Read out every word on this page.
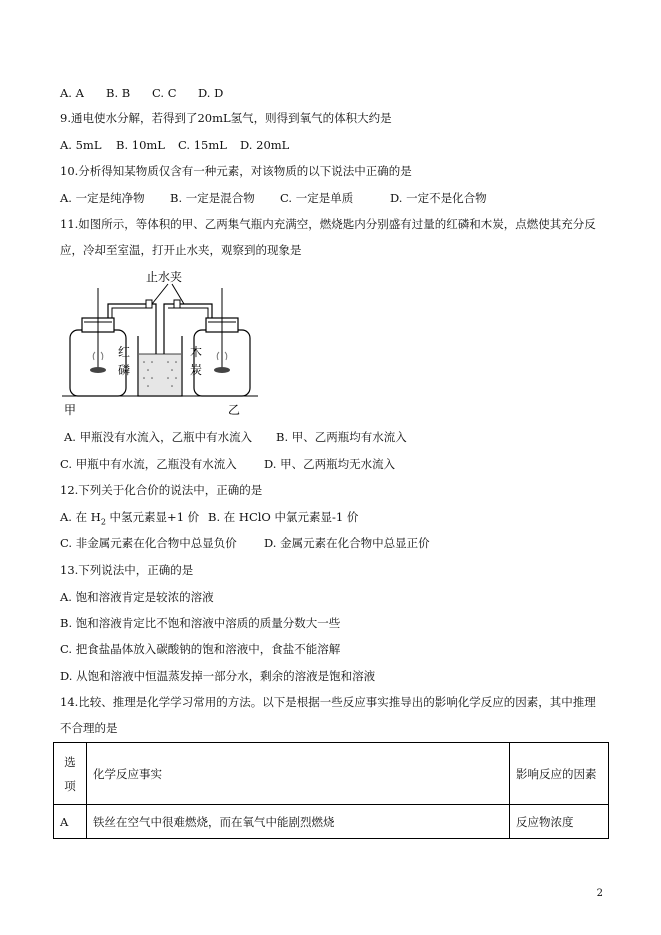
A. A B. B C. C D. D
9.通电使水分解，若得到了20mL氢气，则得到氧气的体积大约是
A. 5mL B. 10mL C. 15mL D. 20mL
10.分析得知某物质仅含有一种元素，对该物质的以下说法中正确的是
A. 一定是纯净物 B. 一定是混合物 C. 一定是单质	D. 一定不是化合物
11.如图所示，等体积的甲、乙两集气瓶内充满空，燃烧匙内分别盛有过量的红磷和木炭，点燃使其充分反
应，冷却至室温，打开止水夹，观察到的现象是
止水夹
红
磷
木
炭
甲	乙
A. 甲瓶没有水流入，乙瓶中有水流入 B. 甲、乙两瓶均有水流入
C. 甲瓶中有水流，乙瓶没有水流入 D. 甲、乙两瓶均无水流入
12.下列关于化合价的说法中，正确的是
A. 在 $H_2$ 中氢元素显+1 价 B. 在 HClO 中氯元素显-1 价
C. 非金属元素在化合物中总显负价 D. 金属元素在化合物中总显正价
13.下列说法中，正确的是
A. 饱和溶液肯定是较浓的溶液
B. 饱和溶液肯定比不饱和溶液中溶质的质量分数大一些
C. 把食盐晶体放入碳酸钠的饱和溶液中，食盐不能溶解
D. 从饱和溶液中恒温蒸发掉一部分水，剩余的溶液是饱和溶液
14.比较、推理是化学学习常用的方法。以下是根据一些反应事实推导出的影响化学反应的因素，其中推理
不合理的是
选
项	化学反应事实	影响反应的因素
A	铁丝在空气中很难燃烧，而在氧气中能剧烈燃烧	反应物浓度
2
